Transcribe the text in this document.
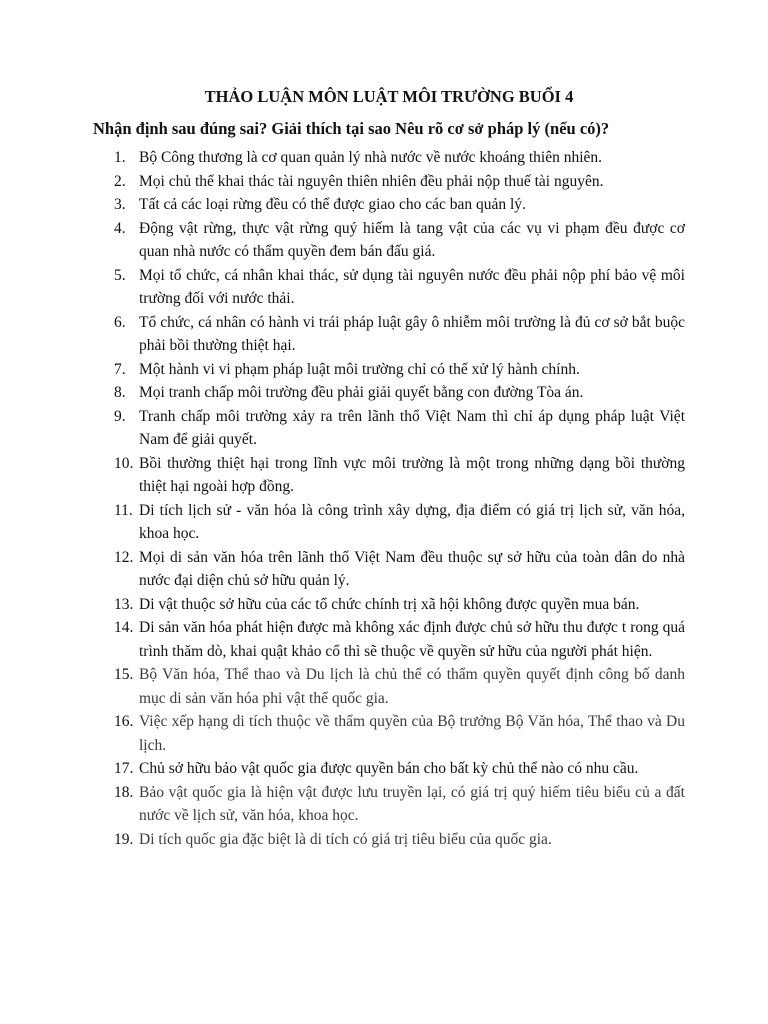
THẢO LUẬN MÔN LUẬT MÔI TRƯỜNG BUỔI 4

Nhận định sau đúng sai? Giải thích tại sao Nêu rõ cơ sở pháp lý (nếu có)?

1. Bộ Công thương là cơ quan quản lý nhà nước về nước khoáng thiên nhiên.
2. Mọi chủ thể khai thác tài nguyên thiên nhiên đều phải nộp thuế tài nguyên.
3. Tất cả các loại rừng đều có thể được giao cho các ban quản lý.
4. Động vật rừng, thực vật rừng quý hiếm là tang vật của các vụ vi phạm đều được cơ quan nhà nước có thẩm quyền đem bán đấu giá.
5. Mọi tổ chức, cá nhân khai thác, sử dụng tài nguyên nước đều phải nộp phí bảo vệ môi trường đối với nước thải.
6. Tổ chức, cá nhân có hành vi trái pháp luật gây ô nhiễm môi trường là đủ cơ sở bắt buộc phải bồi thường thiệt hại.
7. Một hành vi vi phạm pháp luật môi trường chỉ có thể xử lý hành chính.
8. Mọi tranh chấp môi trường đều phải giải quyết bằng con đường Tòa án.
9. Tranh chấp môi trường xảy ra trên lãnh thổ Việt Nam thì chỉ áp dụng pháp luật Việt Nam để giải quyết.
10. Bồi thường thiệt hại trong lĩnh vực môi trường là một trong những dạng bồi thường thiệt hại ngoài hợp đồng.
11. Di tích lịch sử - văn hóa là công trình xây dựng, địa điểm có giá trị lịch sử, văn hóa, khoa học.
12. Mọi di sản văn hóa trên lãnh thổ Việt Nam đều thuộc sự sở hữu của toàn dân do nhà nước đại diện chủ sở hữu quản lý.
13. Di vật thuộc sở hữu của các tổ chức chính trị xã hội không được quyền mua bán.
14. Di sản văn hóa phát hiện được mà không xác định được chủ sở hữu thu được t rong quá trình thăm dò, khai quật khảo cổ thì sẽ thuộc về quyền sử hữu của người phát hiện.
15. Bộ Văn hóa, Thể thao và Du lịch là chủ thể có thẩm quyền quyết định công bố danh mục di sản văn hóa phi vật thể quốc gia.
16. Việc xếp hạng di tích thuộc về thẩm quyền của Bộ trưởng Bộ Văn hóa, Thể thao và Du lịch.
17. Chủ sở hữu bảo vật quốc gia được quyền bán cho bất kỳ chủ thể nào có nhu cầu.
18. Bảo vật quốc gia là hiện vật được lưu truyền lại, có giá trị quý hiếm tiêu biểu củ a đất nước về lịch sử, văn hóa, khoa học.
19. Di tích quốc gia đặc biệt là di tích có giá trị tiêu biểu của quốc gia.
